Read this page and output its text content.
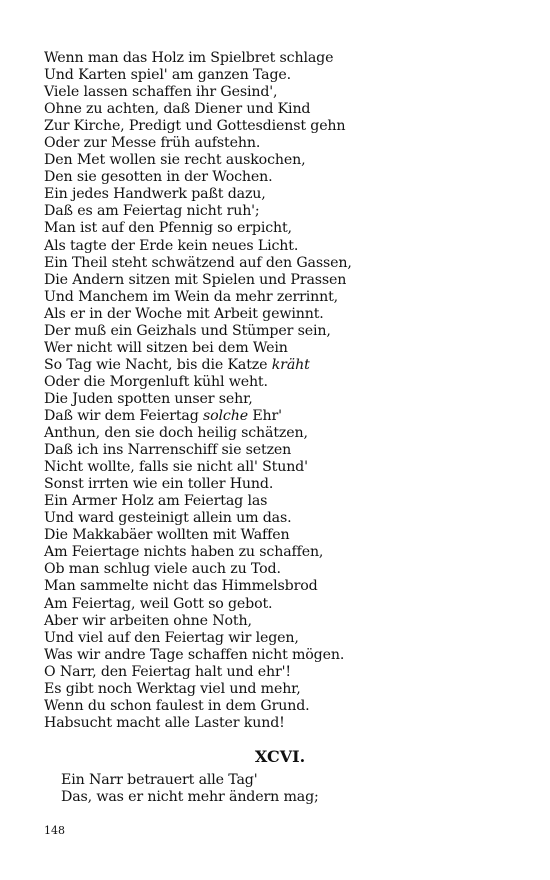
Wenn man das Holz im Spielbret schlage
Und Karten spiel' am ganzen Tage.
Viele lassen schaffen ihr Gesind',
Ohne zu achten, daß Diener und Kind
Zur Kirche, Predigt und Gottesdienst gehn
Oder zur Messe früh aufstehn.
Den Met wollen sie recht auskochen,
Den sie gesotten in der Wochen.
Ein jedes Handwerk paßt dazu,
Daß es am Feiertag nicht ruh';
Man ist auf den Pfennig so erpicht,
Als tagte der Erde kein neues Licht.
Ein Theil steht schwätzend auf den Gassen,
Die Andern sitzen mit Spielen und Prassen
Und Manchem im Wein da mehr zerrinnt,
Als er in der Woche mit Arbeit gewinnt.
Der muß ein Geizhals und Stümper sein,
Wer nicht will sitzen bei dem Wein
So Tag wie Nacht, bis die Katze kräht
Oder die Morgenluft kühl weht.
Die Juden spotten unser sehr,
Daß wir dem Feiertag solche Ehr'
Anthun, den sie doch heilig schätzen,
Daß ich ins Narrenschiff sie setzen
Nicht wollte, falls sie nicht all' Stund'
Sonst irrten wie ein toller Hund.
Ein Armer Holz am Feiertag las
Und ward gesteinigt allein um das.
Die Makkabäer wollten mit Waffen
Am Feiertage nichts haben zu schaffen,
Ob man schlug viele auch zu Tod.
Man sammelte nicht das Himmelsbrod
Am Feiertag, weil Gott so gebot.
Aber wir arbeiten ohne Noth,
Und viel auf den Feiertag wir legen,
Was wir andre Tage schaffen nicht mögen.
O Narr, den Feiertag halt und ehr'!
Es gibt noch Werktag viel und mehr,
Wenn du schon faulest in dem Grund.
Habsucht macht alle Laster kund!
XCVI.
Ein Narr betrauert alle Tag'
Das, was er nicht mehr ändern mag;
148
